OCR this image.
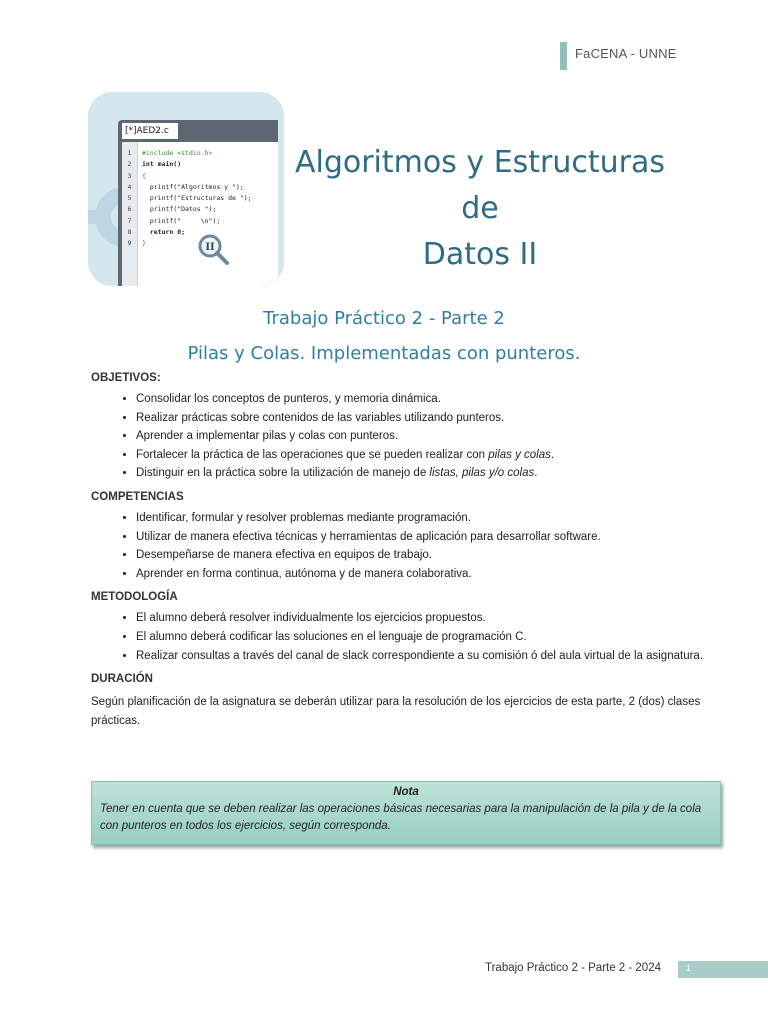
FaCENA - UNNE
[*]AED2.c
1
2
3
4
5
6
7
8
9
#include <stdio.h>
int main()
{
printf("Algoritmos y ");
printf("Estructuras de ");
printf("Datos ");
printf("     \n");
return 0;
}	II
Algoritmos y Estructuras de
Datos II
Trabajo Práctico 2 - Parte 2
Pilas y Colas. Implementadas con punteros.
OBJETIVOS:
• Consolidar los conceptos de punteros, y memoria dinámica.
• Realizar prácticas sobre contenidos de las variables utilizando punteros.
• Aprender a implementar pilas y colas con punteros.
• Fortalecer la práctica de las operaciones que se pueden realizar con pilas y colas.
• Distinguir en la práctica sobre la utilización de manejo de listas, pilas y/o colas.
COMPETENCIAS
• Identificar, formular y resolver problemas mediante programación.
• Utilizar de manera efectiva técnicas y herramientas de aplicación para desarrollar software.
• Desempeñarse de manera efectiva en equipos de trabajo.
• Aprender en forma continua, autónoma y de manera colaborativa.
METODOLOGÍA
• El alumno deberá resolver individualmente los ejercicios propuestos.
• El alumno deberá codificar las soluciones en el lenguaje de programación C.
• Realizar consultas a través del canal de slack correspondiente a su comisión ó del aula virtual de la asignatura.
DURACIÓN
Según planificación de la asignatura se deberán utilizar para la resolución de los ejercicios de esta parte, 2 (dos) clases prácticas.
Nota
Tener en cuenta que se deben realizar las operaciones básicas necesarias para la manipulación de la pila y de la cola con punteros en todos los ejercicios, según corresponda.
Trabajo Práctico 2 - Parte 2 - 2024	1
